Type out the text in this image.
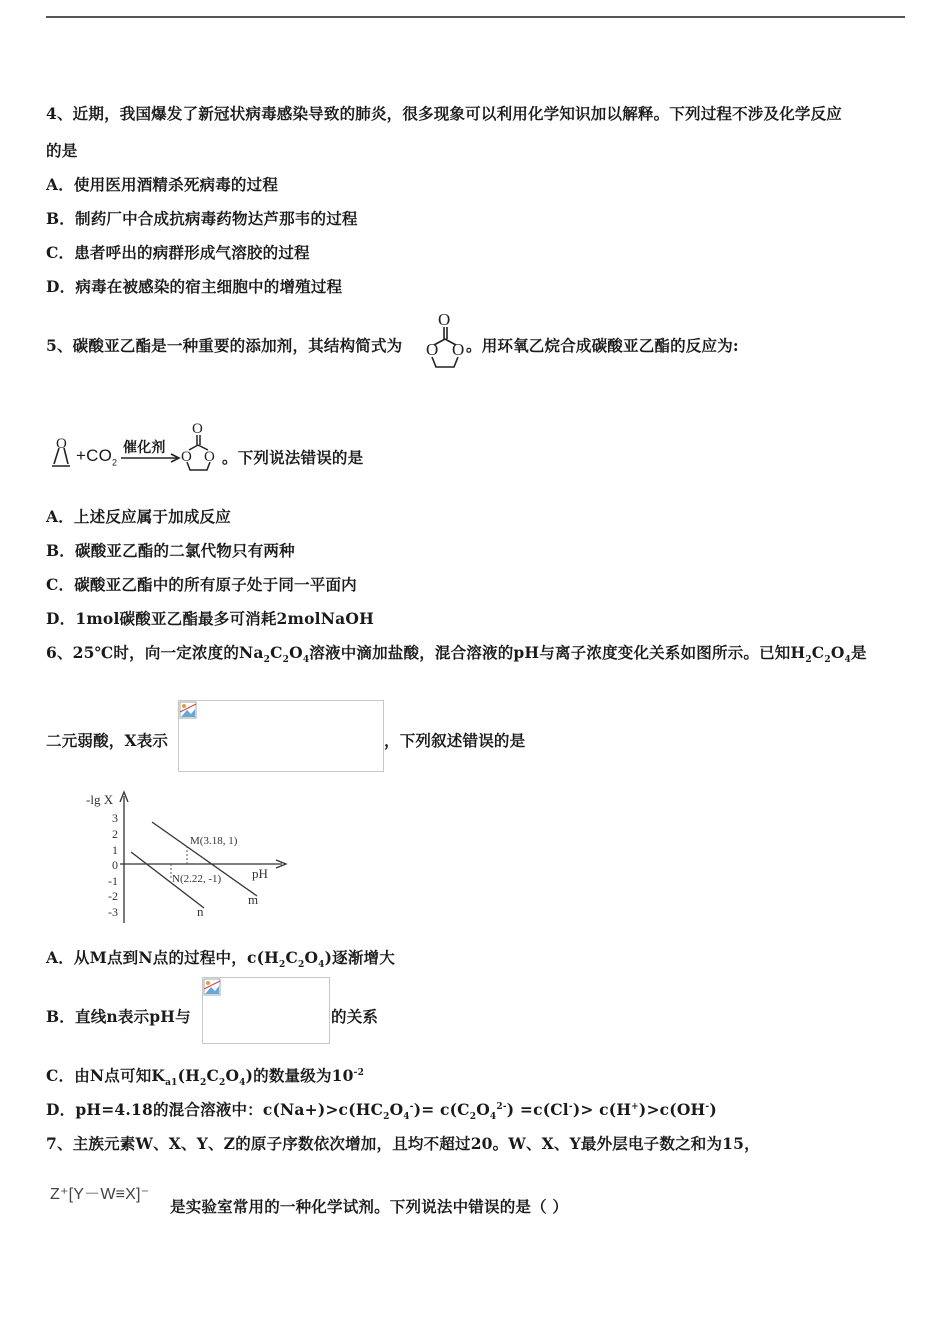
4、近期，我国爆发了新冠状病毒感染导致的肺炎，很多现象可以利用化学知识加以解释。下列过程不涉及化学反应
的是
A．使用医用酒精杀死病毒的过程
B．制药厂中合成抗病毒药物达芦那韦的过程
C．患者呼出的病群形成气溶胶的过程
D．病毒在被感染的宿主细胞中的增殖过程
5、碳酸亚乙酯是一种重要的添加剂，其结构简式为
O
O O 。用环氧乙烷合成碳酸亚乙酯的反应为:
O
$+CO_2$
催化剂
O
O O 。下列说法错误的是
A．上述反应属于加成反应
B．碳酸亚乙酯的二氯代物只有两种
C．碳酸亚乙酯中的所有原子处于同一平面内
D．1mol碳酸亚乙酯最多可消耗2molNaOH
6、25℃时，向一定浓度的$Na_2C_2O_4$溶液中滴加盐酸，混合溶液的pH与离子浓度变化关系如图所示。已知$H_2C_2O_4$是
二元弱酸，X表示	，下列叙述错误的是
-lg X
pH
3
2
1
0
-1
-2
-3
M(3.18, 1)
N(2.22, -1)
m
n
A．从M点到N点的过程中，$c(H_2C_2O_4)$逐渐增大
B．直线n表示pH与	的关系
C．由N点可知$K_{a1}(H_2C_2O_4)$的数量级为$10^{-2}$
D．pH=4.18的混合溶液中：$c(Na+)>c(HC_2O_4^-)= c(C_2O_4^{2-}) =c(Cl^-)> c(H^+)>c(OH^-)$
7、主族元素W、X、Y、Z的原子序数依次增加，且均不超过20。W、X、Y最外层电子数之和为15，
Z⁺[Y－W≡X]⁻
是实验室常用的一种化学试剂。下列说法中错误的是（ ）
